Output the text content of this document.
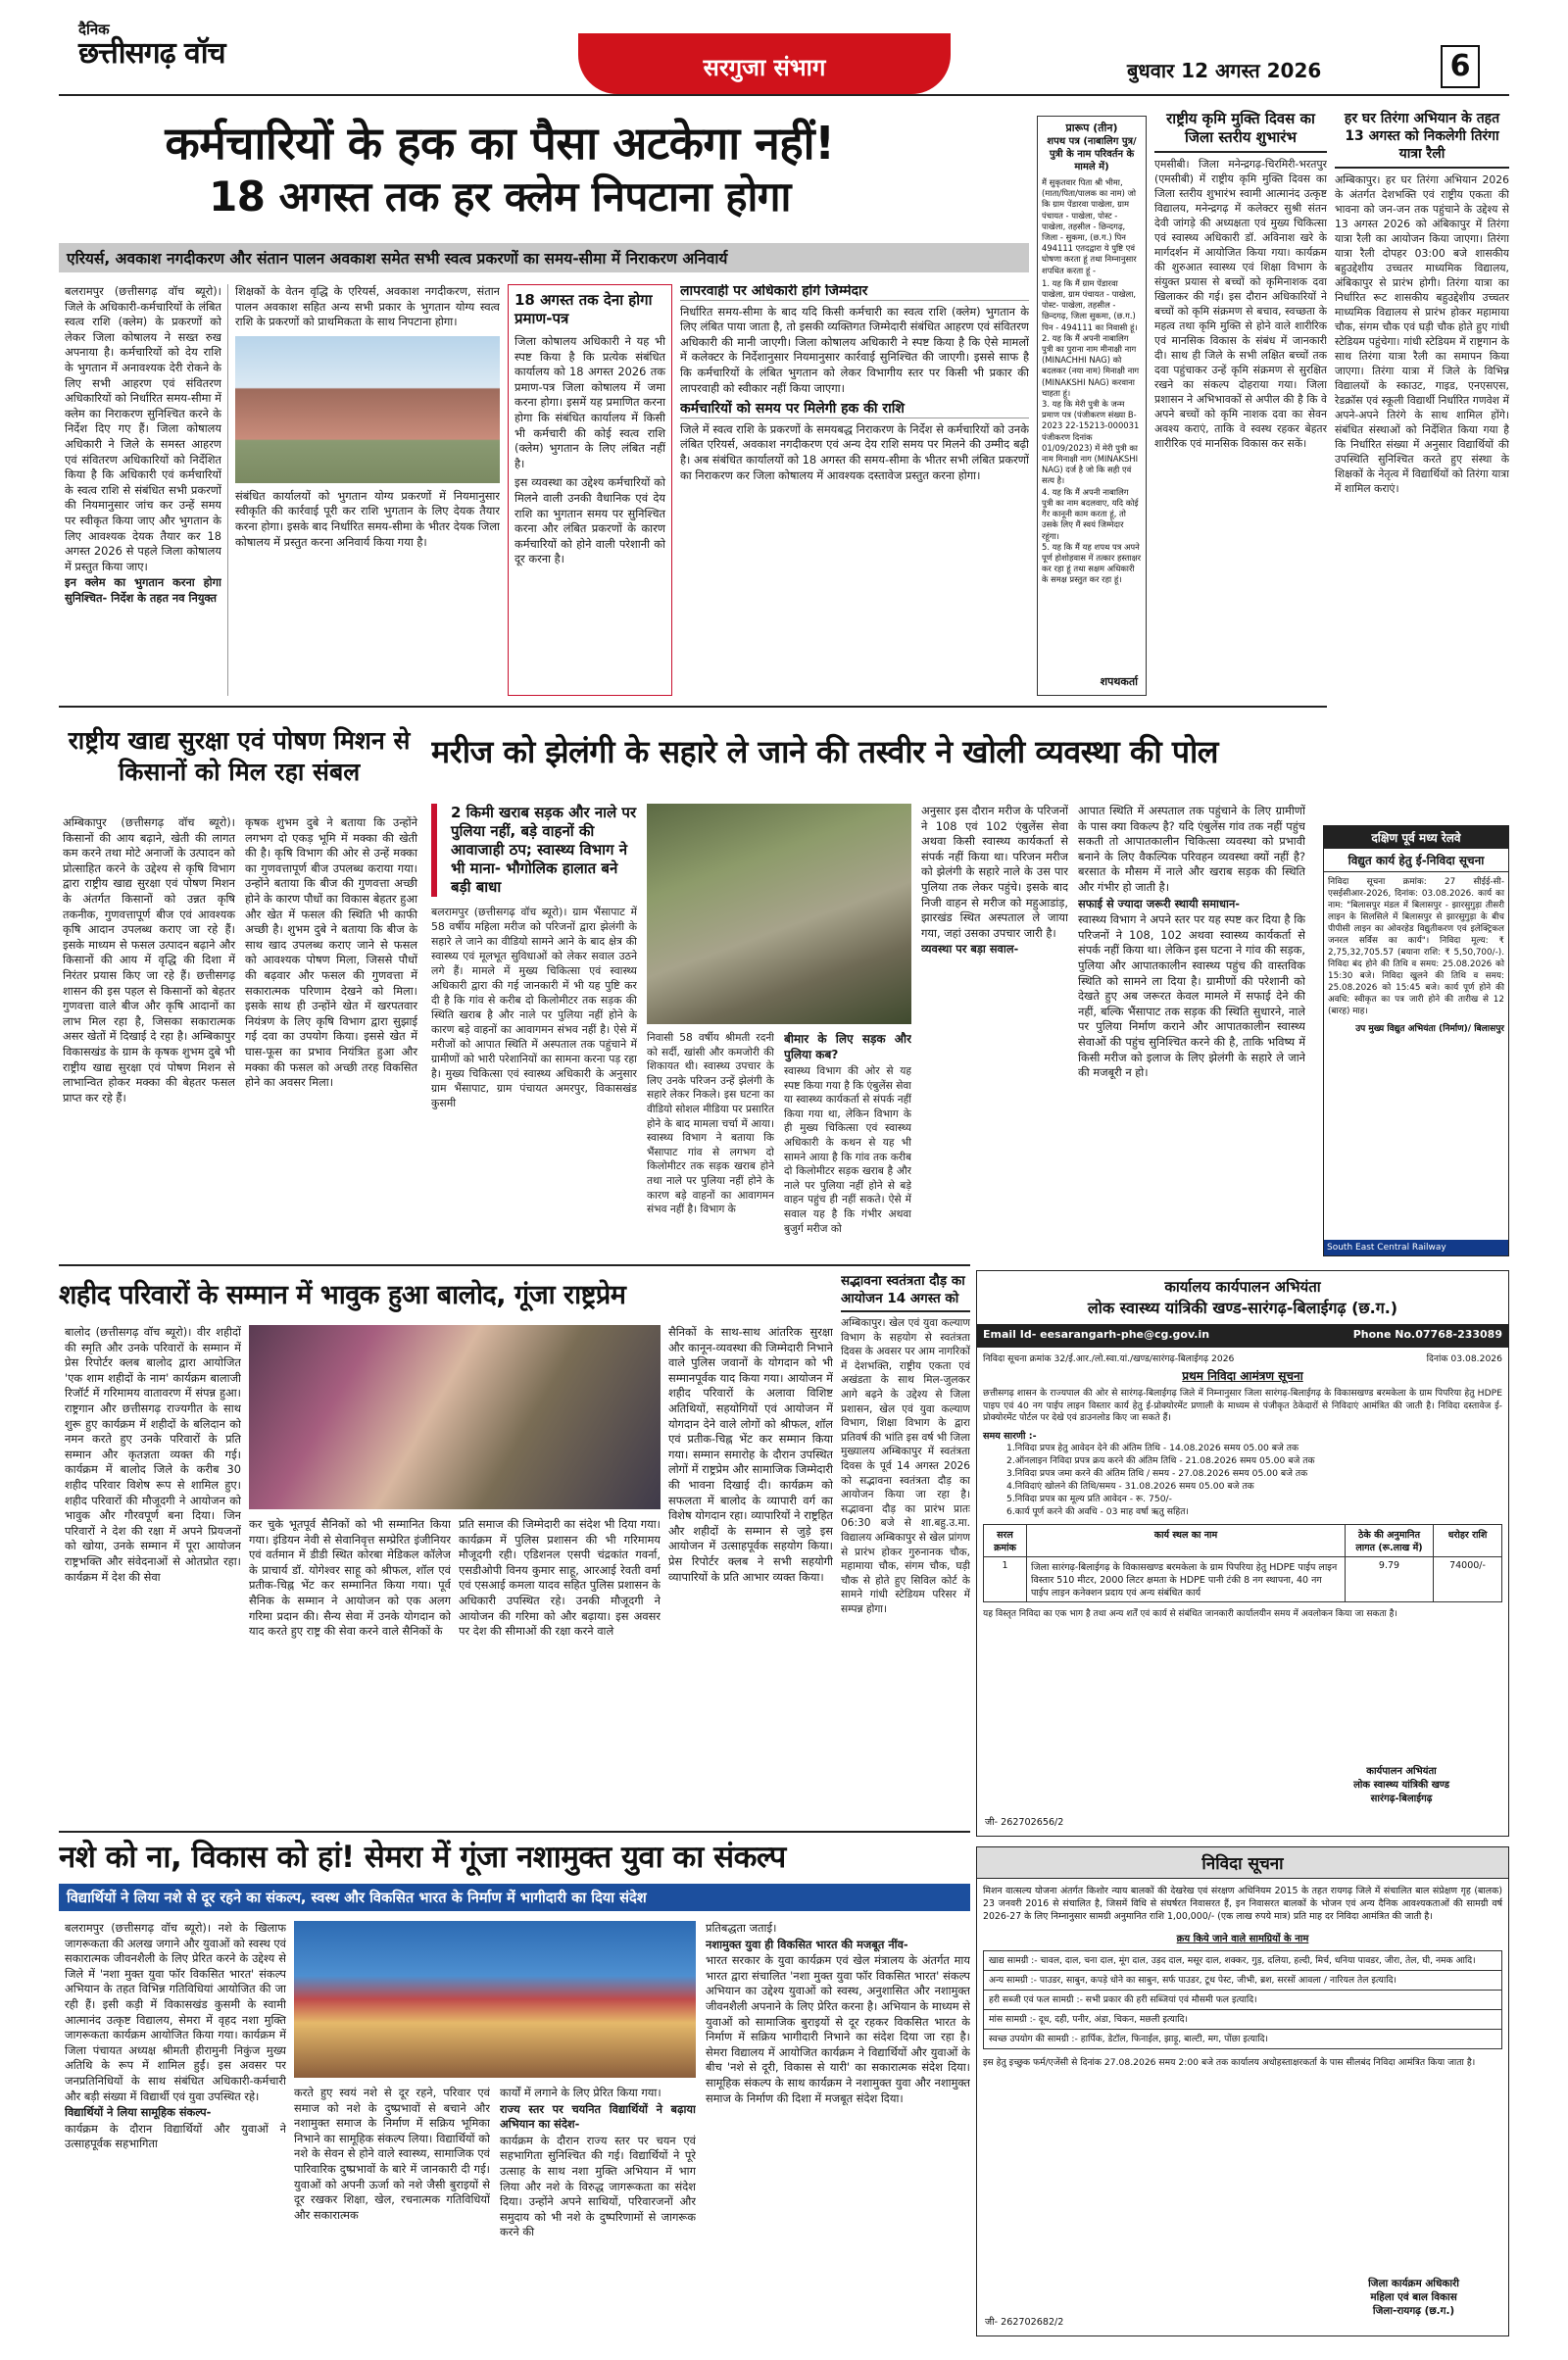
दैनिक
छत्तीसगढ़ वॉच	सरगुजा संभाग	बुधवार 12 अगस्त 2026	6
कर्मचारियों के हक का पैसा अटकेगा नहीं!
18 अगस्त तक हर क्लेम निपटाना होगा
एरियर्स, अवकाश नगदीकरण और संतान पालन अवकाश समेत सभी स्वत्व प्रकरणों का समय-सीमा में निराकरण अनिवार्य

बलरामपुर (छत्तीसगढ़ वॉच ब्यूरो)। जिले के अधिकारी-कर्मचारियों के लंबित स्वत्व राशि (क्लेम) के प्रकरणों को लेकर जिला कोषालय ने सख्त रुख अपनाया है। कर्मचारियों को देय राशि के भुगतान में अनावश्यक देरी रोकने के लिए सभी आहरण एवं संवितरण अधिकारियों को निर्धारित समय-सीमा में क्लेम का निराकरण सुनिश्चित करने के निर्देश दिए गए हैं। जिला कोषालय अधिकारी ने जिले के समस्त आहरण एवं संवितरण अधिकारियों को निर्देशित किया है कि अधिकारी एवं कर्मचारियों के स्वत्व राशि से संबंधित सभी प्रकरणों की नियमानुसार जांच कर उन्हें समय पर स्वीकृत किया जाए और भुगतान के लिए आवश्यक देयक तैयार कर 18 अगस्त 2026 से पहले जिला कोषालय में प्रस्तुत किया जाए।

इन क्लेम का भुगतान करना होगा सुनिश्चित- निर्देश के तहत नव नियुक्त

शिक्षकों के वेतन वृद्धि के एरियर्स, अवकाश नगदीकरण, संतान पालन अवकाश सहित अन्य सभी प्रकार के भुगतान योग्य स्वत्व राशि के प्रकरणों को प्राथमिकता के साथ निपटाना होगा।

संबंधित कार्यालयों को भुगतान योग्य प्रकरणों में नियमानुसार स्वीकृति की कार्रवाई पूरी कर राशि भुगतान के लिए देयक तैयार करना होगा। इसके बाद निर्धारित समय-सीमा के भीतर देयक जिला कोषालय में प्रस्तुत करना अनिवार्य किया गया है।

18 अगस्त तक देना होगा प्रमाण-पत्र
जिला कोषालय अधिकारी ने यह भी स्पष्ट किया है कि प्रत्येक संबंधित कार्यालय को 18 अगस्त 2026 तक प्रमाण-पत्र जिला कोषालय में जमा करना होगा। इसमें यह प्रमाणित करना होगा कि संबंधित कार्यालय में किसी भी कर्मचारी की कोई स्वत्व राशि (क्लेम) भुगतान के लिए लंबित नहीं है।
इस व्यवस्था का उद्देश्य कर्मचारियों को मिलने वाली उनकी वैधानिक एवं देय राशि का भुगतान समय पर सुनिश्चित करना और लंबित प्रकरणों के कारण कर्मचारियों को होने वाली परेशानी को दूर करना है।
लापरवाही पर अधिकारी होंगे जिम्मेदार

निर्धारित समय-सीमा के बाद यदि किसी कर्मचारी का स्वत्व राशि (क्लेम) भुगतान के लिए लंबित पाया जाता है, तो इसकी व्यक्तिगत जिम्मेदारी संबंधित आहरण एवं संवितरण अधिकारी की मानी जाएगी। जिला कोषालय अधिकारी ने स्पष्ट किया है कि ऐसे मामलों में कलेक्टर के निर्देशानुसार नियमानुसार कार्रवाई सुनिश्चित की जाएगी। इससे साफ है कि कर्मचारियों के लंबित भुगतान को लेकर विभागीय स्तर पर किसी भी प्रकार की लापरवाही को स्वीकार नहीं किया जाएगा।

कर्मचारियों को समय पर मिलेगी हक की राशि

जिले में स्वत्व राशि के प्रकरणों के समयबद्ध निराकरण के निर्देश से कर्मचारियों को उनके लंबित एरियर्स, अवकाश नगदीकरण एवं अन्य देय राशि समय पर मिलने की उम्मीद बढ़ी है। अब संबंधित कार्यालयों को 18 अगस्त की समय-सीमा के भीतर सभी लंबित प्रकरणों का निराकरण कर जिला कोषालय में आवश्यक दस्तावेज प्रस्तुत करना होगा।

प्रारूप (तीन)
शपथ पत्र (नाबालिग पुत्र/पुत्री के नाम परिवर्तन के मामले में)
मैं सुकृतवार पिता श्री भीमा, (माता/पिता/पालक का नाम) जो कि ग्राम पेंडारवा पाखेला, ग्राम पंचायत - पाखेला, पोस्ट - पाखेला, तहसील - छिन्दगढ़, जिला - सुकमा, (छ.ग.) पिन 494111 एतदद्वारा ये पुष्टि एवं घोषणा करता हूं तथा निम्नानुसार शपथित करता हूं -
1. यह कि मैं ग्राम पेंडारवा पाखेला, ग्राम पंचायत - पाखेला, पोस्ट- पाखेला, तहसील - छिन्दगढ़, जिला सुकमा, (छ.ग.) पिन - 494111 का निवासी हूं।
2. यह कि मैं अपनी नाबालिग पुत्री का पुराना नाम मीनाक्षी नाग (MINACHHI NAG) को बदलकर (नया नाम) मिनाक्षी नाग (MINAKSHI NAG) करवाना चाहता हूं।
3. यह कि मेरी पुत्री के जन्म प्रमाण पत्र (पंजीकरण संख्या B-2023 22-15213-000031 पंजीकरण दिनांक 01/09/2023) में मेरी पुत्री का नाम मिनाक्षी नाग (MINAKSHI NAG) दर्ज है जो कि सही एवं सत्य है।
4. यह कि मैं अपनी नाबालिग पुत्री का नाम बदलवाए, यदि कोई गैर कानूनी काम करता हूं, तो उसके लिए मैं स्वयं जिम्मेदार रहूंगा।
5. यह कि मैं यह शपथ पत्र अपने पूर्ण होशोहवास में तत्कार हस्ताक्षर कर रहा हूं तथा सक्षम अधिकारी के समक्ष प्रस्तुत कर रहा हूं।
शपथकर्ता
राष्ट्रीय कृमि मुक्ति दिवस का जिला स्तरीय शुभारंभ
एमसीबी। जिला मनेन्द्रगढ़-चिरमिरी-भरतपुर (एमसीबी) में राष्ट्रीय कृमि मुक्ति दिवस का जिला स्तरीय शुभारंभ स्वामी आत्मानंद उत्कृष्ट विद्यालय, मनेन्द्रगढ़ में कलेक्टर सुश्री संतन देवी जांगड़े की अध्यक्षता एवं मुख्य चिकित्सा एवं स्वास्थ्य अधिकारी डॉ. अविनाश खरे के मार्गदर्शन में आयोजित किया गया। कार्यक्रम की शुरुआत स्वास्थ्य एवं शिक्षा विभाग के संयुक्त प्रयास से बच्चों को कृमिनाशक दवा खिलाकर की गई। इस दौरान अधिकारियों ने बच्चों को कृमि संक्रमण से बचाव, स्वच्छता के महत्व तथा कृमि मुक्ति से होने वाले शारीरिक एवं मानसिक विकास के संबंध में जानकारी दी। साथ ही जिले के सभी लक्षित बच्चों तक दवा पहुंचाकर उन्हें कृमि संक्रमण से सुरक्षित रखने का संकल्प दोहराया गया। जिला प्रशासन ने अभिभावकों से अपील की है कि वे अपने बच्चों को कृमि नाशक दवा का सेवन अवश्य कराएं, ताकि वे स्वस्थ रहकर बेहतर शारीरिक एवं मानसिक विकास कर सकें।
हर घर तिरंगा अभियान के तहत 13 अगस्त को निकलेगी तिरंगा यात्रा रैली
अम्बिकापुर। हर घर तिरंगा अभियान 2026 के अंतर्गत देशभक्ति एवं राष्ट्रीय एकता की भावना को जन-जन तक पहुंचाने के उद्देश्य से 13 अगस्त 2026 को अंबिकापुर में तिरंगा यात्रा रैली का आयोजन किया जाएगा। तिरंगा यात्रा रैली दोपहर 03:00 बजे शासकीय बहुउद्देशीय उच्चतर माध्यमिक विद्यालय, अंबिकापुर से प्रारंभ होगी। तिरंगा यात्रा का निर्धारित रूट शासकीय बहुउद्देशीय उच्चतर माध्यमिक विद्यालय से प्रारंभ होकर महामाया चौक, संगम चौक एवं घड़ी चौक होते हुए गांधी स्टेडियम पहुंचेगा। गांधी स्टेडियम में राष्ट्रगान के साथ तिरंगा यात्रा रैली का समापन किया जाएगा। तिरंगा यात्रा में जिले के विभिन्न विद्यालयों के स्काउट, गाइड, एनएसएस, रेडक्रॉस एवं स्कूली विद्यार्थी निर्धारित गणवेश में अपने-अपने तिरंगे के साथ शामिल होंगे। संबंधित संस्थाओं को निर्देशित किया गया है कि निर्धारित संख्या में अनुसार विद्यार्थियों की उपस्थिति सुनिश्चित करते हुए संस्था के शिक्षकों के नेतृत्व में विद्यार्थियों को तिरंगा यात्रा में शामिल कराएं।
राष्ट्रीय खाद्य सुरक्षा एवं पोषण मिशन से किसानों को मिल रहा संबल
अम्बिकापुर (छत्तीसगढ़ वॉच ब्यूरो)। किसानों की आय बढ़ाने, खेती की लागत कम करने तथा मोटे अनाजों के उत्पादन को प्रोत्साहित करने के उद्देश्य से कृषि विभाग द्वारा राष्ट्रीय खाद्य सुरक्षा एवं पोषण मिशन के अंतर्गत किसानों को उन्नत कृषि तकनीक, गुणवत्तापूर्ण बीज एवं आवश्यक कृषि आदान उपलब्ध कराए जा रहे हैं। इसके माध्यम से फसल उत्पादन बढ़ाने और किसानों की आय में वृद्धि की दिशा में निरंतर प्रयास किए जा रहे हैं। छत्तीसगढ़ शासन की इस पहल से किसानों को बेहतर गुणवत्ता वाले बीज और कृषि आदानों का लाभ मिल रहा है, जिसका सकारात्मक असर खेतों में दिखाई दे रहा है। अम्बिकापुर विकासखंड के ग्राम के कृषक शुभम दुबे भी राष्ट्रीय खाद्य सुरक्षा एवं पोषण मिशन से लाभान्वित होकर मक्का की बेहतर फसल प्राप्त कर रहे हैं।
कृषक शुभम दुबे ने बताया कि उन्होंने लगभग दो एकड़ भूमि में मक्का की खेती की है। कृषि विभाग की ओर से उन्हें मक्का का गुणवत्तापूर्ण बीज उपलब्ध कराया गया। उन्होंने बताया कि बीज की गुणवत्ता अच्छी होने के कारण पौधों का विकास बेहतर हुआ और खेत में फसल की स्थिति भी काफी अच्छी है। शुभम दुबे ने बताया कि बीज के साथ खाद उपलब्ध कराए जाने से फसल को आवश्यक पोषण मिला, जिससे पौधों की बढ़वार और फसल की गुणवत्ता में सकारात्मक परिणाम देखने को मिला। इसके साथ ही उन्होंने खेत में खरपतवार नियंत्रण के लिए कृषि विभाग द्वारा सुझाई गई दवा का उपयोग किया। इससे खेत में घास-फूस का प्रभाव नियंत्रित हुआ और मक्का की फसल को अच्छी तरह विकसित होने का अवसर मिला।
मरीज को झेलंगी के सहारे ले जाने की तस्वीर ने खोली व्यवस्था की पोल
2 किमी खराब सड़क और नाले पर पुलिया नहीं, बड़े वाहनों की आवाजाही ठप; स्वास्थ्य विभाग ने भी माना- भौगोलिक हालात बने बड़ी बाधा
बलरामपुर (छत्तीसगढ़ वॉच ब्यूरो)। ग्राम भैंसापाट में 58 वर्षीय महिला मरीज को परिजनों द्वारा झेलंगी के सहारे ले जाने का वीडियो सामने आने के बाद क्षेत्र की स्वास्थ्य एवं मूलभूत सुविधाओं को लेकर सवाल उठने लगे हैं। मामले में मुख्य चिकित्सा एवं स्वास्थ्य अधिकारी द्वारा की गई जानकारी में भी यह पुष्टि कर दी है कि गांव से करीब दो किलोमीटर तक सड़क की स्थिति खराब है और नाले पर पुलिया नहीं होने के कारण बड़े वाहनों का आवागमन संभव नहीं है। ऐसे में मरीजों को आपात स्थिति में अस्पताल तक पहुंचाने में ग्रामीणों को भारी परेशानियों का सामना करना पड़ रहा है। मुख्य चिकित्सा एवं स्वास्थ्य अधिकारी के अनुसार ग्राम भैंसापाट, ग्राम पंचायत अमरपुर, विकासखंड कुसमी
निवासी 58 वर्षीय श्रीमती रदनी को सर्दी, खांसी और कमजोरी की शिकायत थी। स्वास्थ्य उपचार के लिए उनके परिजन उन्हें झेलंगी के सहारे लेकर निकले। इस घटना का वीडियो सोशल मीडिया पर प्रसारित होने के बाद मामला चर्चा में आया। स्वास्थ्य विभाग ने बताया कि भैंसापाट गांव से लगभग दो किलोमीटर तक सड़क खराब होने तथा नाले पर पुलिया नहीं होने के कारण बड़े वाहनों का आवागमन संभव नहीं है। विभाग के
बीमार के लिए सड़क और पुलिया कब?
स्वास्थ्य विभाग की ओर से यह स्पष्ट किया गया है कि एंबुलेंस सेवा या स्वास्थ्य कार्यकर्ता से संपर्क नहीं किया गया था, लेकिन विभाग के ही मुख्य चिकित्सा एवं स्वास्थ्य अधिकारी के कथन से यह भी सामने आया है कि गांव तक करीब दो किलोमीटर सड़क खराब है और नाले पर पुलिया नहीं होने से बड़े वाहन पहुंच ही नहीं सकते। ऐसे में सवाल यह है कि गंभीर अथवा बुजुर्ग मरीज को

अनुसार इस दौरान मरीज के परिजनों ने 108 एवं 102 एंबुलेंस सेवा अथवा किसी स्वास्थ्य कार्यकर्ता से संपर्क नहीं किया था। परिजन मरीज को झेलंगी के सहारे नाले के उस पार पुलिया तक लेकर पहुंचे। इसके बाद निजी वाहन से मरीज को महुआडांड़, झारखंड स्थित अस्पताल ले जाया गया, जहां उसका उपचार जारी है।

व्यवस्था पर बड़ा सवाल-

आपात स्थिति में अस्पताल तक पहुंचाने के लिए ग्रामीणों के पास क्या विकल्प है? यदि एंबुलेंस गांव तक नहीं पहुंच सकती तो आपातकालीन चिकित्सा व्यवस्था को प्रभावी बनाने के लिए वैकल्पिक परिवहन व्यवस्था क्यों नहीं है? बरसात के मौसम में नाले और खराब सड़क की स्थिति और गंभीर हो जाती है।

सफाई से ज्यादा जरूरी स्थायी समाधान-

स्वास्थ्य विभाग ने अपने स्तर पर यह स्पष्ट कर दिया है कि परिजनों ने 108, 102 अथवा स्वास्थ्य कार्यकर्ता से संपर्क नहीं किया था। लेकिन इस घटना ने गांव की सड़क, पुलिया और आपातकालीन स्वास्थ्य पहुंच की वास्तविक स्थिति को सामने ला दिया है। ग्रामीणों की परेशानी को देखते हुए अब जरूरत केवल मामले में सफाई देने की नहीं, बल्कि भैंसापाट तक सड़क की स्थिति सुधारने, नाले पर पुलिया निर्माण कराने और आपातकालीन स्वास्थ्य सेवाओं की पहुंच सुनिश्चित करने की है, ताकि भविष्य में किसी मरीज को इलाज के लिए झेलंगी के सहारे ले जाने की मजबूरी न हो।

दक्षिण पूर्व मध्य रेलवे
विद्युत कार्य हेतु ई-निविदा सूचना
निविदा सूचना क्रमांक: 27 सीईई-सी-एसईसीआर-2026, दिनांक: 03.08.2026. कार्य का नाम: "बिलासपुर मंडल में बिलासपुर - झारसुगुड़ा तीसरी लाइन के सिलसिले में बिलासपुर से झारसुगुड़ा के बीच पीपीसी लाइन का ओवरहेड विद्युतीकरण एवं इलेक्ट्रिकल जनरल सर्विस का कार्य"। निविदा मूल्य: ₹ 2,75,32,705.57 (बयाना राशि: ₹ 5,50,700/-). निविदा बंद होने की तिथि व समय: 25.08.2026 को 15:30 बजे। निविदा खुलने की तिथि व समय: 25.08.2026 को 15:45 बजे। कार्य पूर्ण होने की अवधि: स्वीकृत का पत्र जारी होने की तारीख से 12 (बारह) माह।
उप मुख्य विद्युत अभियंता (निर्माण)/ बिलासपुर
South East Central Railway
शहीद परिवारों के सम्मान में भावुक हुआ बालोद, गूंजा राष्ट्रप्रेम
बालोद (छत्तीसगढ़ वॉच ब्यूरो)। वीर शहीदों की स्मृति और उनके परिवारों के सम्मान में प्रेस रिपोर्टर क्लब बालोद द्वारा आयोजित 'एक शाम शहीदों के नाम' कार्यक्रम बालाजी रिजॉर्ट में गरिमामय वातावरण में संपन्न हुआ। राष्ट्रगान और छत्तीसगढ़ राज्यगीत के साथ शुरू हुए कार्यक्रम में शहीदों के बलिदान को नमन करते हुए उनके परिवारों के प्रति सम्मान और कृतज्ञता व्यक्त की गई। कार्यक्रम में बालोद जिले के करीब 30 शहीद परिवार विशेष रूप से शामिल हुए। शहीद परिवारों की मौजूदगी ने आयोजन को भावुक और गौरवपूर्ण बना दिया। जिन परिवारों ने देश की रक्षा में अपने प्रियजनों को खोया, उनके सम्मान में पूरा आयोजन राष्ट्रभक्ति और संवेदनाओं से ओतप्रोत रहा। कार्यक्रम में देश की सेवा
कर चुके भूतपूर्व सैनिकों को भी सम्मानित किया गया। इंडियन नेवी से सेवानिवृत्त सम्प्रेरित इंजीनियर एवं वर्तमान में डीडी स्थित कोरबा मेडिकल कॉलेज के प्राचार्य डॉ. योगेश्वर साहू को श्रीफल, शॉल एवं प्रतीक-चिह्न भेंट कर सम्मानित किया गया। पूर्व सैनिक के सम्मान ने आयोजन को एक अलग गरिमा प्रदान की। सैन्य सेवा में उनके योगदान को याद करते हुए राष्ट्र की सेवा करने वाले सैनिकों के
प्रति समाज की जिम्मेदारी का संदेश भी दिया गया। कार्यक्रम में पुलिस प्रशासन की भी गरिमामय मौजूदगी रही। एडिशनल एसपी चंद्रकांत गवर्ना, एसडीओपी विनय कुमार साहू, आरआई रेवती वर्मा एवं एसआई कमला यादव सहित पुलिस प्रशासन के अधिकारी उपस्थित रहे। उनकी मौजूदगी ने आयोजन की गरिमा को और बढ़ाया। इस अवसर पर देश की सीमाओं की रक्षा करने वाले
सैनिकों के साथ-साथ आंतरिक सुरक्षा और कानून-व्यवस्था की जिम्मेदारी निभाने वाले पुलिस जवानों के योगदान को भी सम्मानपूर्वक याद किया गया। आयोजन में शहीद परिवारों के अलावा विशिष्ट अतिथियों, सहयोगियों एवं आयोजन में योगदान देने वाले लोगों को श्रीफल, शॉल एवं प्रतीक-चिह्न भेंट कर सम्मान किया गया। सम्मान समारोह के दौरान उपस्थित लोगों में राष्ट्रप्रेम और सामाजिक जिम्मेदारी की भावना दिखाई दी। कार्यक्रम को सफलता में बालोद के व्यापारी वर्ग का विशेष योगदान रहा। व्यापारियों ने राष्ट्रहित और शहीदों के सम्मान से जुड़े इस आयोजन में उत्साहपूर्वक सहयोग किया। प्रेस रिपोर्टर क्लब ने सभी सहयोगी व्यापारियों के प्रति आभार व्यक्त किया।
सद्भावना स्वतंत्रता दौड़ का आयोजन 14 अगस्त को
अम्बिकापुर। खेल एवं युवा कल्याण विभाग के सहयोग से स्वतंत्रता दिवस के अवसर पर आम नागरिकों में देशभक्ति, राष्ट्रीय एकता एवं अखंडता के साथ मिल-जुलकर आगे बढ़ने के उद्देश्य से जिला प्रशासन, खेल एवं युवा कल्याण विभाग, शिक्षा विभाग के द्वारा प्रतिवर्ष की भांति इस वर्ष भी जिला मुख्यालय अम्बिकापुर में स्वतंत्रता दिवस के पूर्व 14 अगस्त 2026 को सद्भावना स्वतंत्रता दौड़ का आयोजन किया जा रहा है। सद्भावना दौड़ का प्रारंभ प्रातः 06:30 बजे से शा.बहु.उ.मा. विद्यालय अम्बिकापुर से खेल प्रांगण से प्रारंभ होकर गुरुनानक चौक, महामाया चौक, संगम चौक, घड़ी चौक से होते हुए सिविल कोर्ट के सामने गांधी स्टेडियम परिसर में सम्पन्न होगा।
कार्यालय कार्यपालन अभियंता
लोक स्वास्थ्य यांत्रिकी खण्ड-सारंगढ़-बिलाईगढ़ (छ.ग.)
Email Id- eesarangarh-phe@cg.gov.in	Phone No.07768-233089
निविदा सूचना क्रमांक 32/ई.आर./लो.स्वा.यां./खण्ड/सारंगढ़-बिलाईगढ़ 2026	दिनांक 03.08.2026
प्रथम निविदा आमंत्रण सूचना
छत्तीसगढ़ शासन के राज्यपाल की ओर से सारंगढ़-बिलाईगढ़ जिले में निम्नानुसार जिला सारंगढ़-बिलाईगढ़ के विकासखण्ड बरमकेला के ग्राम पिपरिया हेतु HDPE पाइप एवं 40 नग पाईप लाइन विस्तार कार्य हेतु ई-प्रोक्योरमेंट प्रणाली के माध्यम से पंजीकृत ठेकेदारों से निविदाएं आमंत्रित की जाती है। निविदा दस्तावेज ई-प्रोक्योरमेंट पोर्टल पर देखे एवं डाउनलोड किए जा सकते हैं।
समय सारणी :-
1.निविदा प्रपत्र हेतु आवेदन देने की अंतिम तिथि - 14.08.2026 समय 05.00 बजे तक
2.ऑनलाइन निविदा प्रपत्र क्रय करने की अंतिम तिथि - 21.08.2026 समय 05.00 बजे तक
3.निविदा प्रपत्र जमा करने की अंतिम तिथि / समय - 27.08.2026 समय 05.00 बजे तक
4.निविदाएं खोलने की तिथि/समय - 31.08.2026 समय 05.00 बजे तक
5.निविदा प्रपत्र का मूल्य प्रति आवेदन - रू. 750/-
6.कार्य पूर्ण करने की अवधि - 03 माह वर्षा ऋतु सहित।
सरल क्रमांक	कार्य स्थल का नाम	ठेके की अनुमानित लागत (रू.लाख में)	धरोहर राशि
1	जिला सारंगढ़-बिलाईगढ़ के विकासखण्ड बरमकेला के ग्राम पिपरिया हेतु HDPE पाईप लाइन विस्तार 510 मीटर, 2000 लिटर क्षमता के HDPE पानी टंकी 8 नग स्थापना, 40 नग पाईप लाइन कनेक्शन प्रदाय एवं अन्य संबंधित कार्य	9.79	74000/-
यह विस्तृत निविदा का एक भाग है तथा अन्य शर्तें एवं कार्य से संबंधित जानकारी कार्यालयीन समय में अवलोकन किया जा सकता है।
कार्यपालन अभियंता
लोक स्वास्थ्य यांत्रिकी खण्ड
सारंगढ़-बिलाईगढ़
जी- 262702656/2
नशे को ना, विकास को हां! सेमरा में गूंजा नशामुक्त युवा का संकल्प
विद्यार्थियों ने लिया नशे से दूर रहने का संकल्प, स्वस्थ और विकसित भारत के निर्माण में भागीदारी का दिया संदेश

बलरामपुर (छत्तीसगढ़ वॉच ब्यूरो)। नशे के खिलाफ जागरूकता की अलख जगाने और युवाओं को स्वस्थ एवं सकारात्मक जीवनशैली के लिए प्रेरित करने के उद्देश्य से जिले में 'नशा मुक्त युवा फॉर विकसित भारत' संकल्प अभियान के तहत विभिन्न गतिविधियां आयोजित की जा रही हैं। इसी कड़ी में विकासखंड कुसमी के स्वामी आत्मानंद उत्कृष्ट विद्यालय, सेमरा में वृहद नशा मुक्ति जागरूकता कार्यक्रम आयोजित किया गया। कार्यक्रम में जिला पंचायत अध्यक्ष श्रीमती हीरामुनी निकुंज मुख्य अतिथि के रूप में शामिल हुईं। इस अवसर पर जनप्रतिनिधियों के साथ संबंधित अधिकारी-कर्मचारी और बड़ी संख्या में विद्यार्थी एवं युवा उपस्थित रहे।

विद्यार्थियों ने लिया सामूहिक संकल्प-

कार्यक्रम के दौरान विद्यार्थियों और युवाओं ने उत्साहपूर्वक सहभागिता

करते हुए स्वयं नशे से दूर रहने, परिवार एवं समाज को नशे के दुष्प्रभावों से बचाने और नशामुक्त समाज के निर्माण में सक्रिय भूमिका निभाने का सामूहिक संकल्प लिया। विद्यार्थियों को नशे के सेवन से होने वाले स्वास्थ्य, सामाजिक एवं पारिवारिक दुष्प्रभावों के बारे में जानकारी दी गई। युवाओं को अपनी ऊर्जा को नशे जैसी बुराइयों से दूर रखकर शिक्षा, खेल, रचनात्मक गतिविधियों और सकारात्मक

कार्यों में लगाने के लिए प्रेरित किया गया।

राज्य स्तर पर चयनित विद्यार्थियों ने बढ़ाया अभियान का संदेश-

कार्यक्रम के दौरान राज्य स्तर पर चयन एवं सहभागिता सुनिश्चित की गई। विद्यार्थियों ने पूरे उत्साह के साथ नशा मुक्ति अभियान में भाग लिया और नशे के विरुद्ध जागरूकता का संदेश दिया। उन्होंने अपने साथियों, परिवारजनों और समुदाय को भी नशे के दुष्परिणामों से जागरूक करने की

प्रतिबद्धता जताई।

नशामुक्त युवा ही विकसित भारत की मजबूत नींव-

भारत सरकार के युवा कार्यक्रम एवं खेल मंत्रालय के अंतर्गत माय भारत द्वारा संचालित 'नशा मुक्त युवा फॉर विकसित भारत' संकल्प अभियान का उद्देश्य युवाओं को स्वस्थ, अनुशासित और नशामुक्त जीवनशैली अपनाने के लिए प्रेरित करना है। अभियान के माध्यम से युवाओं को सामाजिक बुराइयों से दूर रहकर विकसित भारत के निर्माण में सक्रिय भागीदारी निभाने का संदेश दिया जा रहा है। सेमरा विद्यालय में आयोजित कार्यक्रम ने विद्यार्थियों और युवाओं के बीच 'नशे से दूरी, विकास से यारी' का सकारात्मक संदेश दिया। सामूहिक संकल्प के साथ कार्यक्रम ने नशामुक्त युवा और नशामुक्त समाज के निर्माण की दिशा में मजबूत संदेश दिया।

निविदा सूचना
मिशन वात्सल्य योजना अंतर्गत किशोर न्याय बालकों की देखरेख एवं संरक्षण अधिनियम 2015 के तहत रायगढ़ जिले में संचालित बाल संप्रेक्षण गृह (बालक) 23 जनवरी 2016 से संचालित है, जिसमें विधि से संघर्षरत निवासरत हैं, इन निवासरत बालकों के भोजन एवं अन्य दैनिक आवश्यकताओं की सामग्री वर्ष 2026-27 के लिए निम्नानुसार सामग्री अनुमानित राशि 1,00,000/- (एक लाख रुपये मात्र) प्रति माह दर निविदा आमंत्रित की जाती है।
क्रय किये जाने वाले सामग्रियों के नाम
खाद्य सामग्री :- चावल, दाल, चना दाल, मूंग दाल, उड़द दाल, मसूर दाल, शक्कर, गुड़, दलिया, हल्दी, मिर्च, धनिया पावडर, जीरा, तेल, घी, नमक आदि।
अन्य सामग्री :- पाउडर, साबुन, कपड़े धोने का साबुन, सर्फ पाउडर, टूथ पेस्ट, जीभी, ब्रश, सरसों आवला / नारियल तेल इत्यादि।
हरी सब्जी एवं फल सामग्री :- सभी प्रकार की हरी सब्जियां एवं मौसमी फल इत्यादि।
मांस सामग्री :- दूध, दही, पनीर, अंडा, चिकन, मछली इत्यादि।
स्वच्छ उपयोग की सामग्री :- हार्पिक, डेटॉल, फिनाईल, झाड़ू, बाल्टी, मग, पोंछा इत्यादि।
इस हेतु इच्छुक फर्म/एजेंसी से दिनांक 27.08.2026 समय 2:00 बजे तक कार्यालय अधोहस्ताक्षरकर्ता के पास सीलबंद निविदा आमंत्रित किया जाता है।
जिला कार्यक्रम अधिकारी
महिला एवं बाल विकास
जिला-रायगढ़ (छ.ग.)
जी- 262702682/2
